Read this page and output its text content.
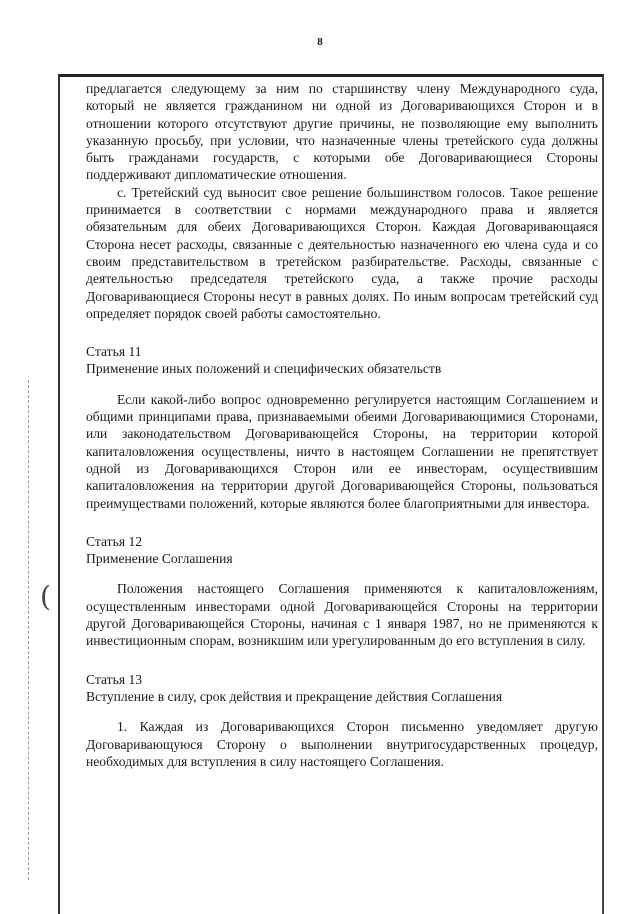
8
(

предлагается следующему за ним по старшинству члену Международного суда, который не является гражданином ни одной из Договаривающихся Сторон и в отношении которого отсутствуют другие причины, не позволяющие ему выполнить указанную просьбу, при условии, что назначенные члены третейского суда должны быть гражданами государств, с которыми обе Договаривающиеся Стороны поддерживают дипломатические отношения.

c. Третейский суд выносит свое решение большинством голосов. Такое решение принимается в соответствии с нормами международного права и является обязательным для обеих Договаривающихся Сторон. Каждая Договаривающаяся Сторона несет расходы, связанные с деятельностью назначенного ею члена суда и со своим представительством в третейском разбирательстве. Расходы, связанные с деятельностью председателя третейского суда, а также прочие расходы Договаривающиеся Стороны несут в равных долях. По иным вопросам третейский суд определяет порядок своей работы самостоятельно.

Статья 11

Применение иных положений и специфических обязательств

Если какой-либо вопрос одновременно регулируется настоящим Соглашением и общими принципами права, признаваемыми обеими Договаривающимися Сторонами, или законодательством Договаривающейся Стороны, на территории которой капиталовложения осуществлены, ничто в настоящем Соглашении не препятствует одной из Договаривающихся Сторон или ее инвесторам, осуществившим капиталовложения на территории другой Договаривающейся Стороны, пользоваться преимуществами положений, которые являются более благоприятными для инвестора.

Статья 12

Применение Соглашения

Положения настоящего Соглашения применяются к капиталовложениям, осуществленным инвесторами одной Договаривающейся Стороны на территории другой Договаривающейся Стороны, начиная с 1 января 1987, но не применяются к инвестиционным спорам, возникшим или урегулированным до его вступления в силу.

Статья 13

Вступление в силу, срок действия и прекращение действия Соглашения

1. Каждая из Договаривающихся Сторон письменно уведомляет другую Договаривающуюся Сторону о выполнении внутригосударственных процедур, необходимых для вступления в силу настоящего Соглашения.
